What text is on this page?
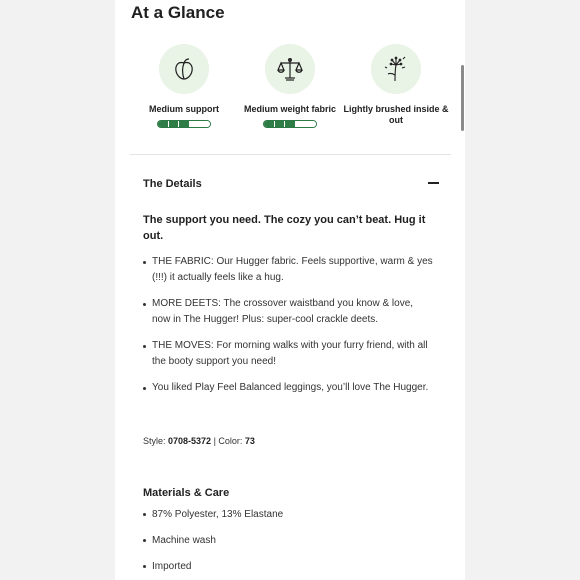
At a Glance
Medium support	Medium weight fabric Lightly brushed inside & out
The Details
The support you need. The cozy you can’t beat. Hug it out.
THE FABRIC: Our Hugger fabric. Feels supportive, warm & yes (!!!) it actually feels like a hug.
MORE DEETS: The crossover waistband you know & love, now in The Hugger! Plus: super-cool crackle deets.
THE MOVES: For morning walks with your furry friend, with all the booty support you need!
You liked Play Feel Balanced leggings, you’ll love The Hugger.
Style: 0708-5372 | Color: 73
Materials & Care
87% Polyester, 13% Elastane
Machine wash
Imported
